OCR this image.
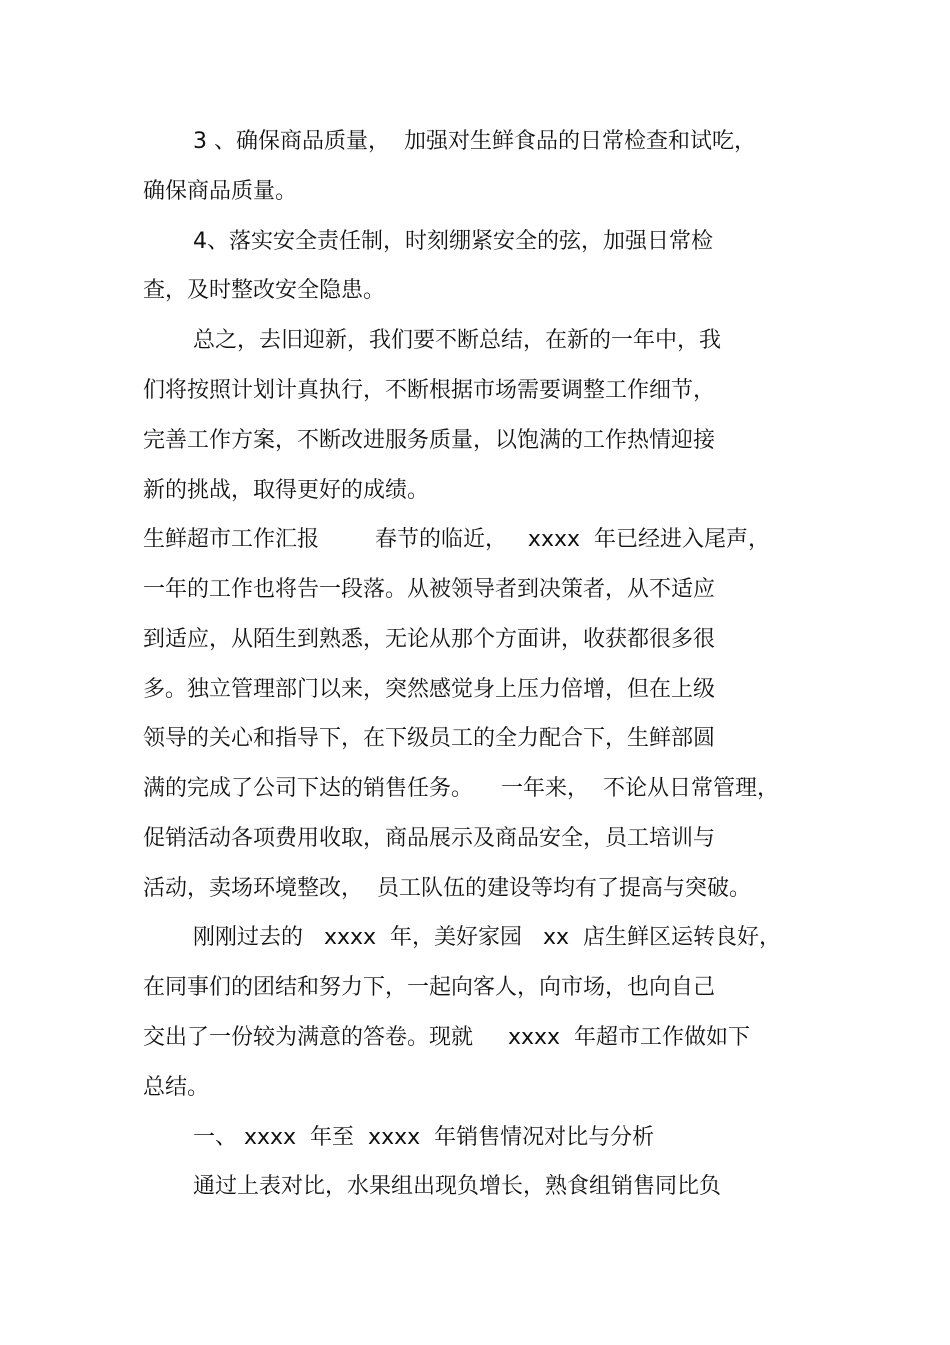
3 、确保商品质量，  加强对生鲜食品的日常检查和试吃，
确保商品质量。
4、落实安全责任制，时刻绷紧安全的弦，加强日常检
查，及时整改安全隐患。
总之，去旧迎新，我们要不断总结，在新的一年中，我
们将按照计划计真执行，不断根据市场需要调整工作细节，
完善工作方案，不断改进服务质量，以饱满的工作热情迎接
新的挑战，取得更好的成绩。
生鲜超市工作汇报        春节的临近，   xxxx  年已经进入尾声，
一年的工作也将告一段落。从被领导者到决策者，从不适应
到适应，从陌生到熟悉，无论从那个方面讲，收获都很多很
多。独立管理部门以来，突然感觉身上压力倍增，但在上级
领导的关心和指导下，在下级员工的全力配合下，生鲜部圆
满的完成了公司下达的销售任务。    一年来，  不论从日常管理，
促销活动各项费用收取，商品展示及商品安全，员工培训与
活动，卖场环境整改，  员工队伍的建设等均有了提高与突破。
刚刚过去的   xxxx  年，美好家园   xx  店生鲜区运转良好，
在同事们的团结和努力下，一起向客人，向市场，也向自己
交出了一份较为满意的答卷。现就     xxxx  年超市工作做如下
总结。
一、 xxxx  年至  xxxx  年销售情况对比与分析
通过上表对比，水果组出现负增长，熟食组销售同比负
